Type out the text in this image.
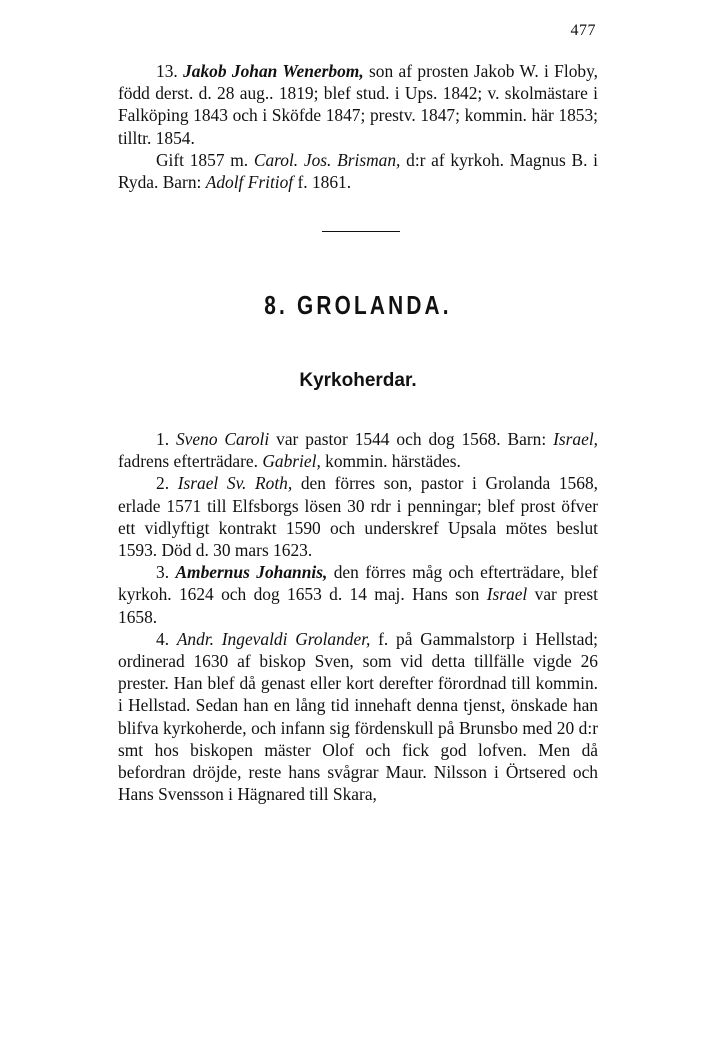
477

13. Jakob Johan Wenerbom, son af prosten Jakob W. i Floby, född derst. d. 28 aug.. 1819; blef stud. i Ups. 1842; v. skolmästare i Falköping 1843 och i Sköfde 1847; prestv. 1847; kommin. här 1853; tilltr. 1854.

Gift 1857 m. Carol. Jos. Brisman, d:r af kyrkoh. Magnus B. i Ryda. Barn: Adolf Fritiof f. 1861.

8. GROLANDA.
Kyrkoherdar.

1. Sveno Caroli var pastor 1544 och dog 1568. Barn: Israel, fadrens efterträdare. Gabriel, kommin. härstädes.

2. Israel Sv. Roth, den förres son, pastor i Grolanda 1568, erlade 1571 till Elfsborgs lösen 30 rdr i penningar; blef prost öfver ett vidlyftigt kontrakt 1590 och underskref Upsala mötes beslut 1593. Död d. 30 mars 1623.

3. Ambernus Johannis, den förres måg och efterträdare, blef kyrkoh. 1624 och dog 1653 d. 14 maj. Hans son Israel var prest 1658.

4. Andr. Ingevaldi Grolander, f. på Gammalstorp i Hellstad; ordinerad 1630 af biskop Sven, som vid detta tillfälle vigde 26 prester. Han blef då genast eller kort derefter förordnad till kommin. i Hellstad. Sedan han en lång tid innehaft denna tjenst, önskade han blifva kyrkoherde, och infann sig fördenskull på Brunsbo med 20 d:r smt hos biskopen mäster Olof och fick god lofven. Men då befordran dröjde, reste hans svågrar Maur. Nilsson i Örtsered och Hans Svensson i Hägnared till Skara,
